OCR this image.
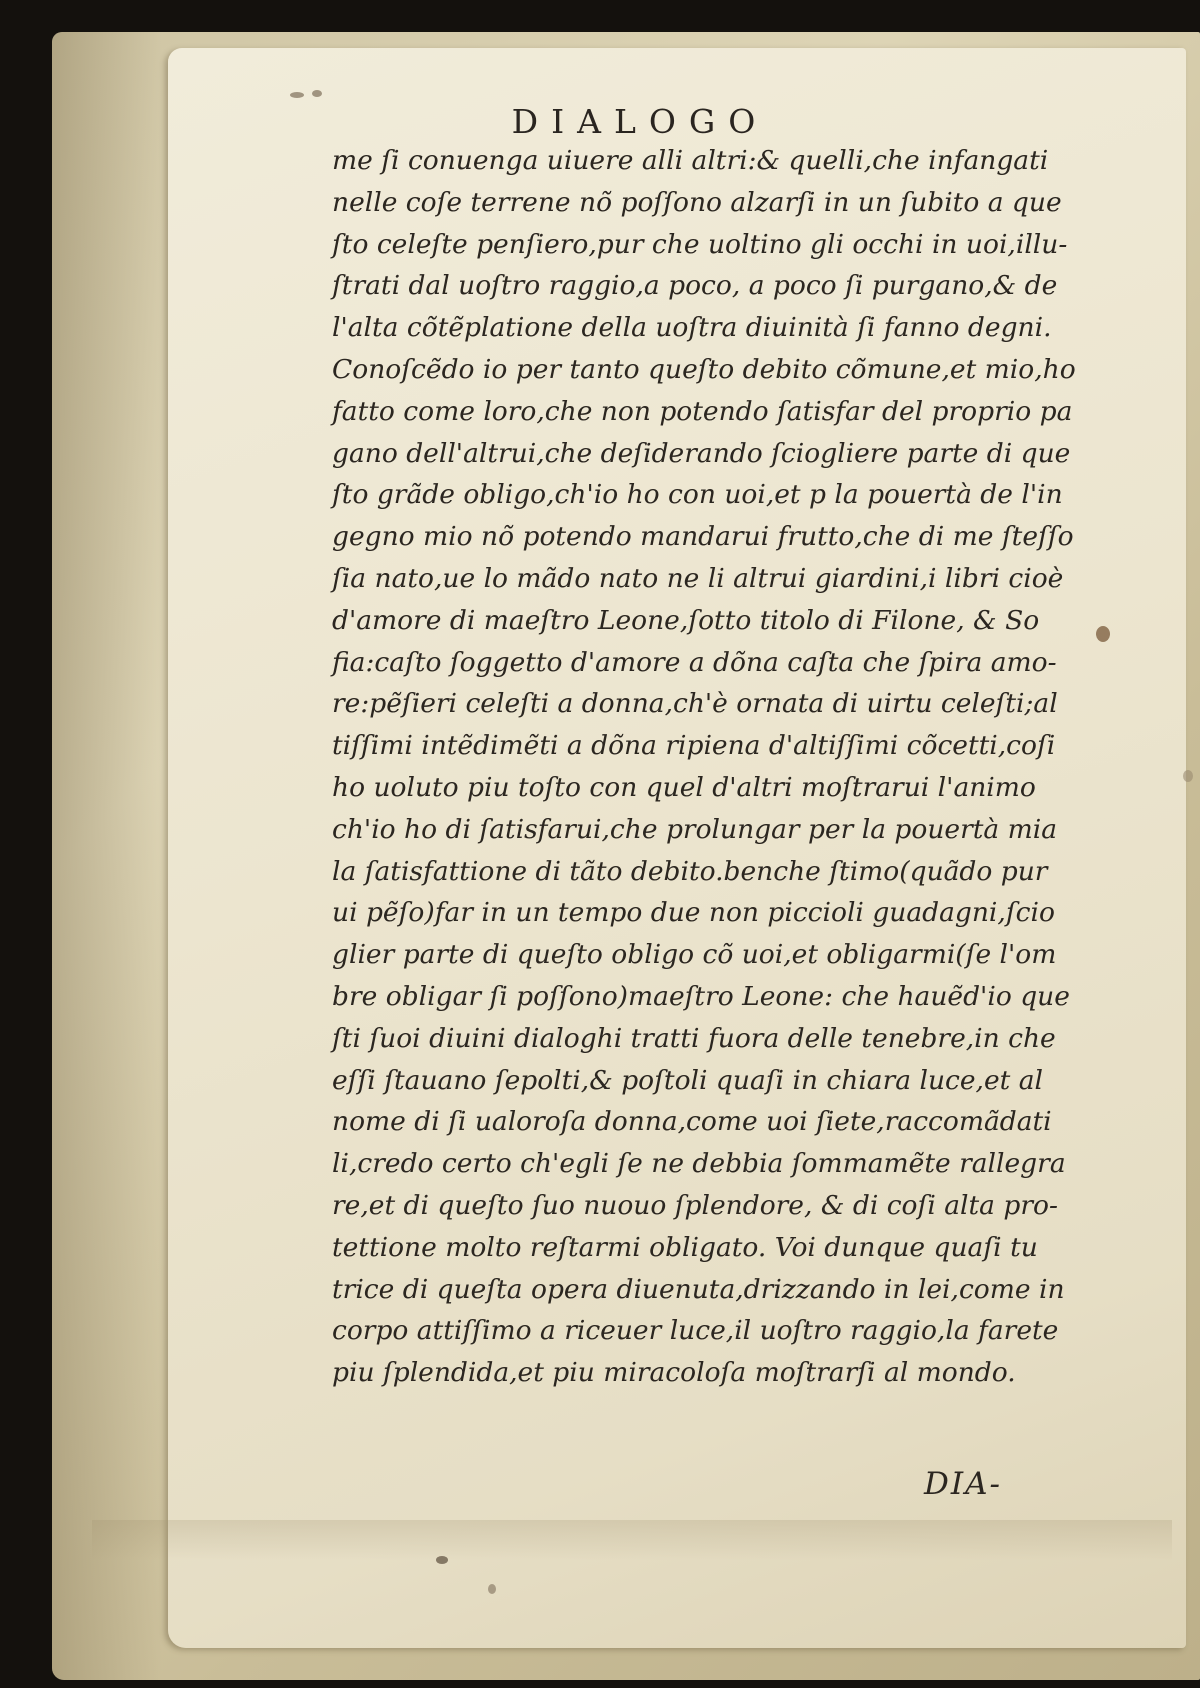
DIALOGO
me ſi conuenga uiuere alli altri:& quelli,che infangati
nelle coſe terrene nõ poſſono alzarſi in un ſubito a que
ſto celeſte penſiero,pur che uoltino gli occhi in uoi,illu-
ſtrati dal uoſtro raggio,a poco, a poco ſi purgano,& de
l'alta cõtẽplatione della uoſtra diuinità ſi fanno degni.
Conoſcẽdo io per tanto queſto debito cõmune,et mio,ho
fatto come loro,che non potendo ſatisfar del proprio pa
gano dell'altrui,che deſiderando ſciogliere parte di que
ſto grãde obligo,ch'io ho con uoi,et p la pouertà de l'in
gegno mio nõ potendo mandarui frutto,che di me ſteſſo
ſia nato,ue lo mãdo nato ne li altrui giardini,i libri cioè
d'amore di maeſtro Leone,ſotto titolo di Filone, & So
fia:caſto ſoggetto d'amore a dõna caſta che ſpira amo-
re:pẽſieri celeſti a donna,ch'è ornata di uirtu celeſti;al
tiſſimi intẽdimẽti a dõna ripiena d'altiſſimi cõcetti,coſi
ho uoluto piu toſto con quel d'altri moſtrarui l'animo
ch'io ho di ſatisfarui,che prolungar per la pouertà mia
la ſatisfattione di tãto debito.benche ſtimo(quãdo pur
ui pẽſo)far in un tempo due non piccioli guadagni,ſcio
glier parte di queſto obligo cõ uoi,et obligarmi(ſe l'om
bre obligar ſi poſſono)maeſtro Leone: che hauẽd'io que
ſti ſuoi diuini dialoghi tratti fuora delle tenebre,in che
eſſi ſtauano ſepolti,& poſtoli quaſi in chiara luce,et al
nome di ſi ualoroſa donna,come uoi ſiete,raccomãdati
li,credo certo ch'egli ſe ne debbia ſommamẽte rallegra
re,et di queſto ſuo nuouo ſplendore, & di coſi alta pro-
tettione molto reſtarmi obligato. Voi dunque quaſi tu
trice di queſta opera diuenuta,drizzando in lei,come in
corpo attiſſimo a riceuer luce,il uoſtro raggio,la farete
piu ſplendida,et piu miracoloſa moſtrarſi al mondo.
DIA-
